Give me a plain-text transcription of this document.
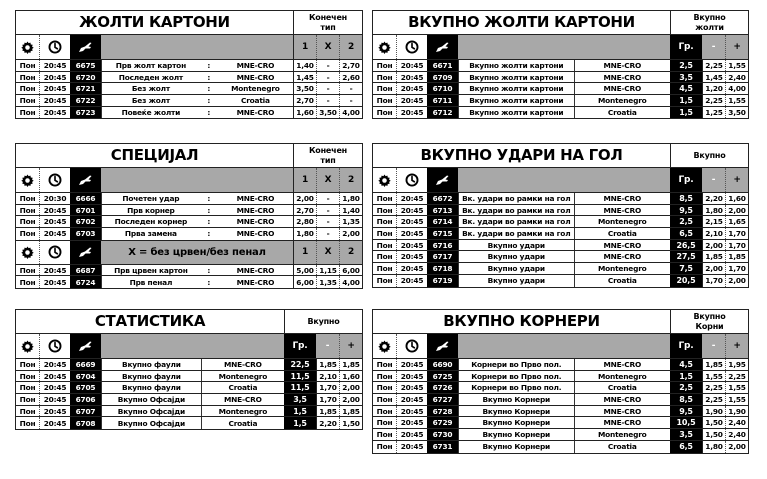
ЖОЛТИ КАРТОНИ	Конечен тип
1	X	2
Пон	20:45	6675	Прв жолт картон	:	MNE-CRO	1,40	-	2,70
Пон	20:45	6720	Последен жолт	:	MNE-CRO	1,45	-	2,60
Пон	20:45	6721	Без жолт	:	Montenegro	3,50	-	-
Пон	20:45	6722	Без жолт	:	Croatia	2,70	-	-
Пон	20:45	6723	Повеќе жолти	:	MNE-CRO	1,60 3,50 4,00
ВКУПНО ЖОЛТИ КАРТОНИ	Вкупно жолти
Гр.	-	+
Пон	20:45	6671	Вкупно жолти картони	MNE-CRO	2,5	2,25 1,55
Пон	20:45	6709	Вкупно жолти картони	MNE-CRO	3,5	1,45 2,40
Пон	20:45	6710	Вкупно жолти картони	MNE-CRO	4,5	1,20 4,00
Пон	20:45	6711	Вкупно жолти картони	Montenegro	1,5	2,25 1,55
Пон	20:45	6712	Вкупно жолти картони	Croatia	1,5	1,25 3,50
СПЕЦИЈАЛ	Конечен тип
1	X	2
Пон	20:30	6666	Почетен удар	:	MNE-CRO	2,00	-	1,80
Пон	20:45	6701	Прв корнер	:	MNE-CRO	2,70	-	1,40
Пон	20:45	6702	Последен корнер	:	MNE-CRO	2,80	-	1,35
Пон	20:45	6703	Прва замена	:	MNE-CRO	1,80	-	2,00
X = без црвен/без пенал	1	X	2
Пон	20:45	6687	Прв црвен картон	:	MNE-CRO	5,00 1,15 6,00
Пон	20:45	6724	Прв пенал	:	MNE-CRO	6,00 1,35 4,00
ВКУПНО УДАРИ НА ГОЛ	Вкупно
Гр.	-	+
Пон	20:45	6672	Вк. удари во рамки на гол	MNE-CRO	8,5	2,20 1,60
Пон	20:45	6713	Вк. удари во рамки на гол	MNE-CRO	9,5	1,80 2,00
Пон	20:45	6714	Вк. удари во рамки на гол	Montenegro	2,5	2,15 1,65
Пон	20:45	6715	Вк. удари во рамки на гол	Croatia	6,5	2,10 1,70
Пон	20:45	6716	Вкупно удари	MNE-CRO	26,5	2,00 1,70
Пон	20:45	6717	Вкупно удари	MNE-CRO	27,5	1,85 1,85
Пон	20:45	6718	Вкупно удари	Montenegro	7,5	2,00 1,70
Пон	20:45	6719	Вкупно удари	Croatia	20,5	1,70 2,00
СТАТИСТИКА	Вкупно
Гр.	-	+
Пон	20:45	6669	Вкупно фаули	MNE-CRO	22,5	1,85 1,85
Пон	20:45	6704	Вкупно фаули	Montenegro	11,5	2,10 1,60
Пон	20:45	6705	Вкупно фаули	Croatia	11,5	1,70 2,00
Пон	20:45	6706	Вкупно Офсајди	MNE-CRO	3,5	1,70 2,00
Пон	20:45	6707	Вкупно Офсајди	Montenegro	1,5	1,85 1,85
Пон	20:45	6708	Вкупно Офсајди	Croatia	1,5	2,20 1,50
ВКУПНО КОРНЕРИ	Вкупно Корни
Гр.	-	+
Пон	20:45	6690	Корнери во Прво пол.	MNE-CRO	4,5	1,85 1,95
Пон	20:45	6725	Корнери во Прво пол.	Montenegro	1,5	1,55 2,25
Пон	20:45	6726	Корнери во Прво пол.	Croatia	2,5	2,25 1,55
Пон	20:45	6727	Вкупно Корнери	MNE-CRO	8,5	2,25 1,55
Пон	20:45	6728	Вкупно Корнери	MNE-CRO	9,5	1,90 1,90
Пон	20:45	6729	Вкупно Корнери	MNE-CRO	10,5	1,50 2,40
Пон	20:45	6730	Вкупно Корнери	Montenegro	3,5	1,50 2,40
Пон	20:45	6731	Вкупно Корнери	Croatia	6,5	1,80 2,00
